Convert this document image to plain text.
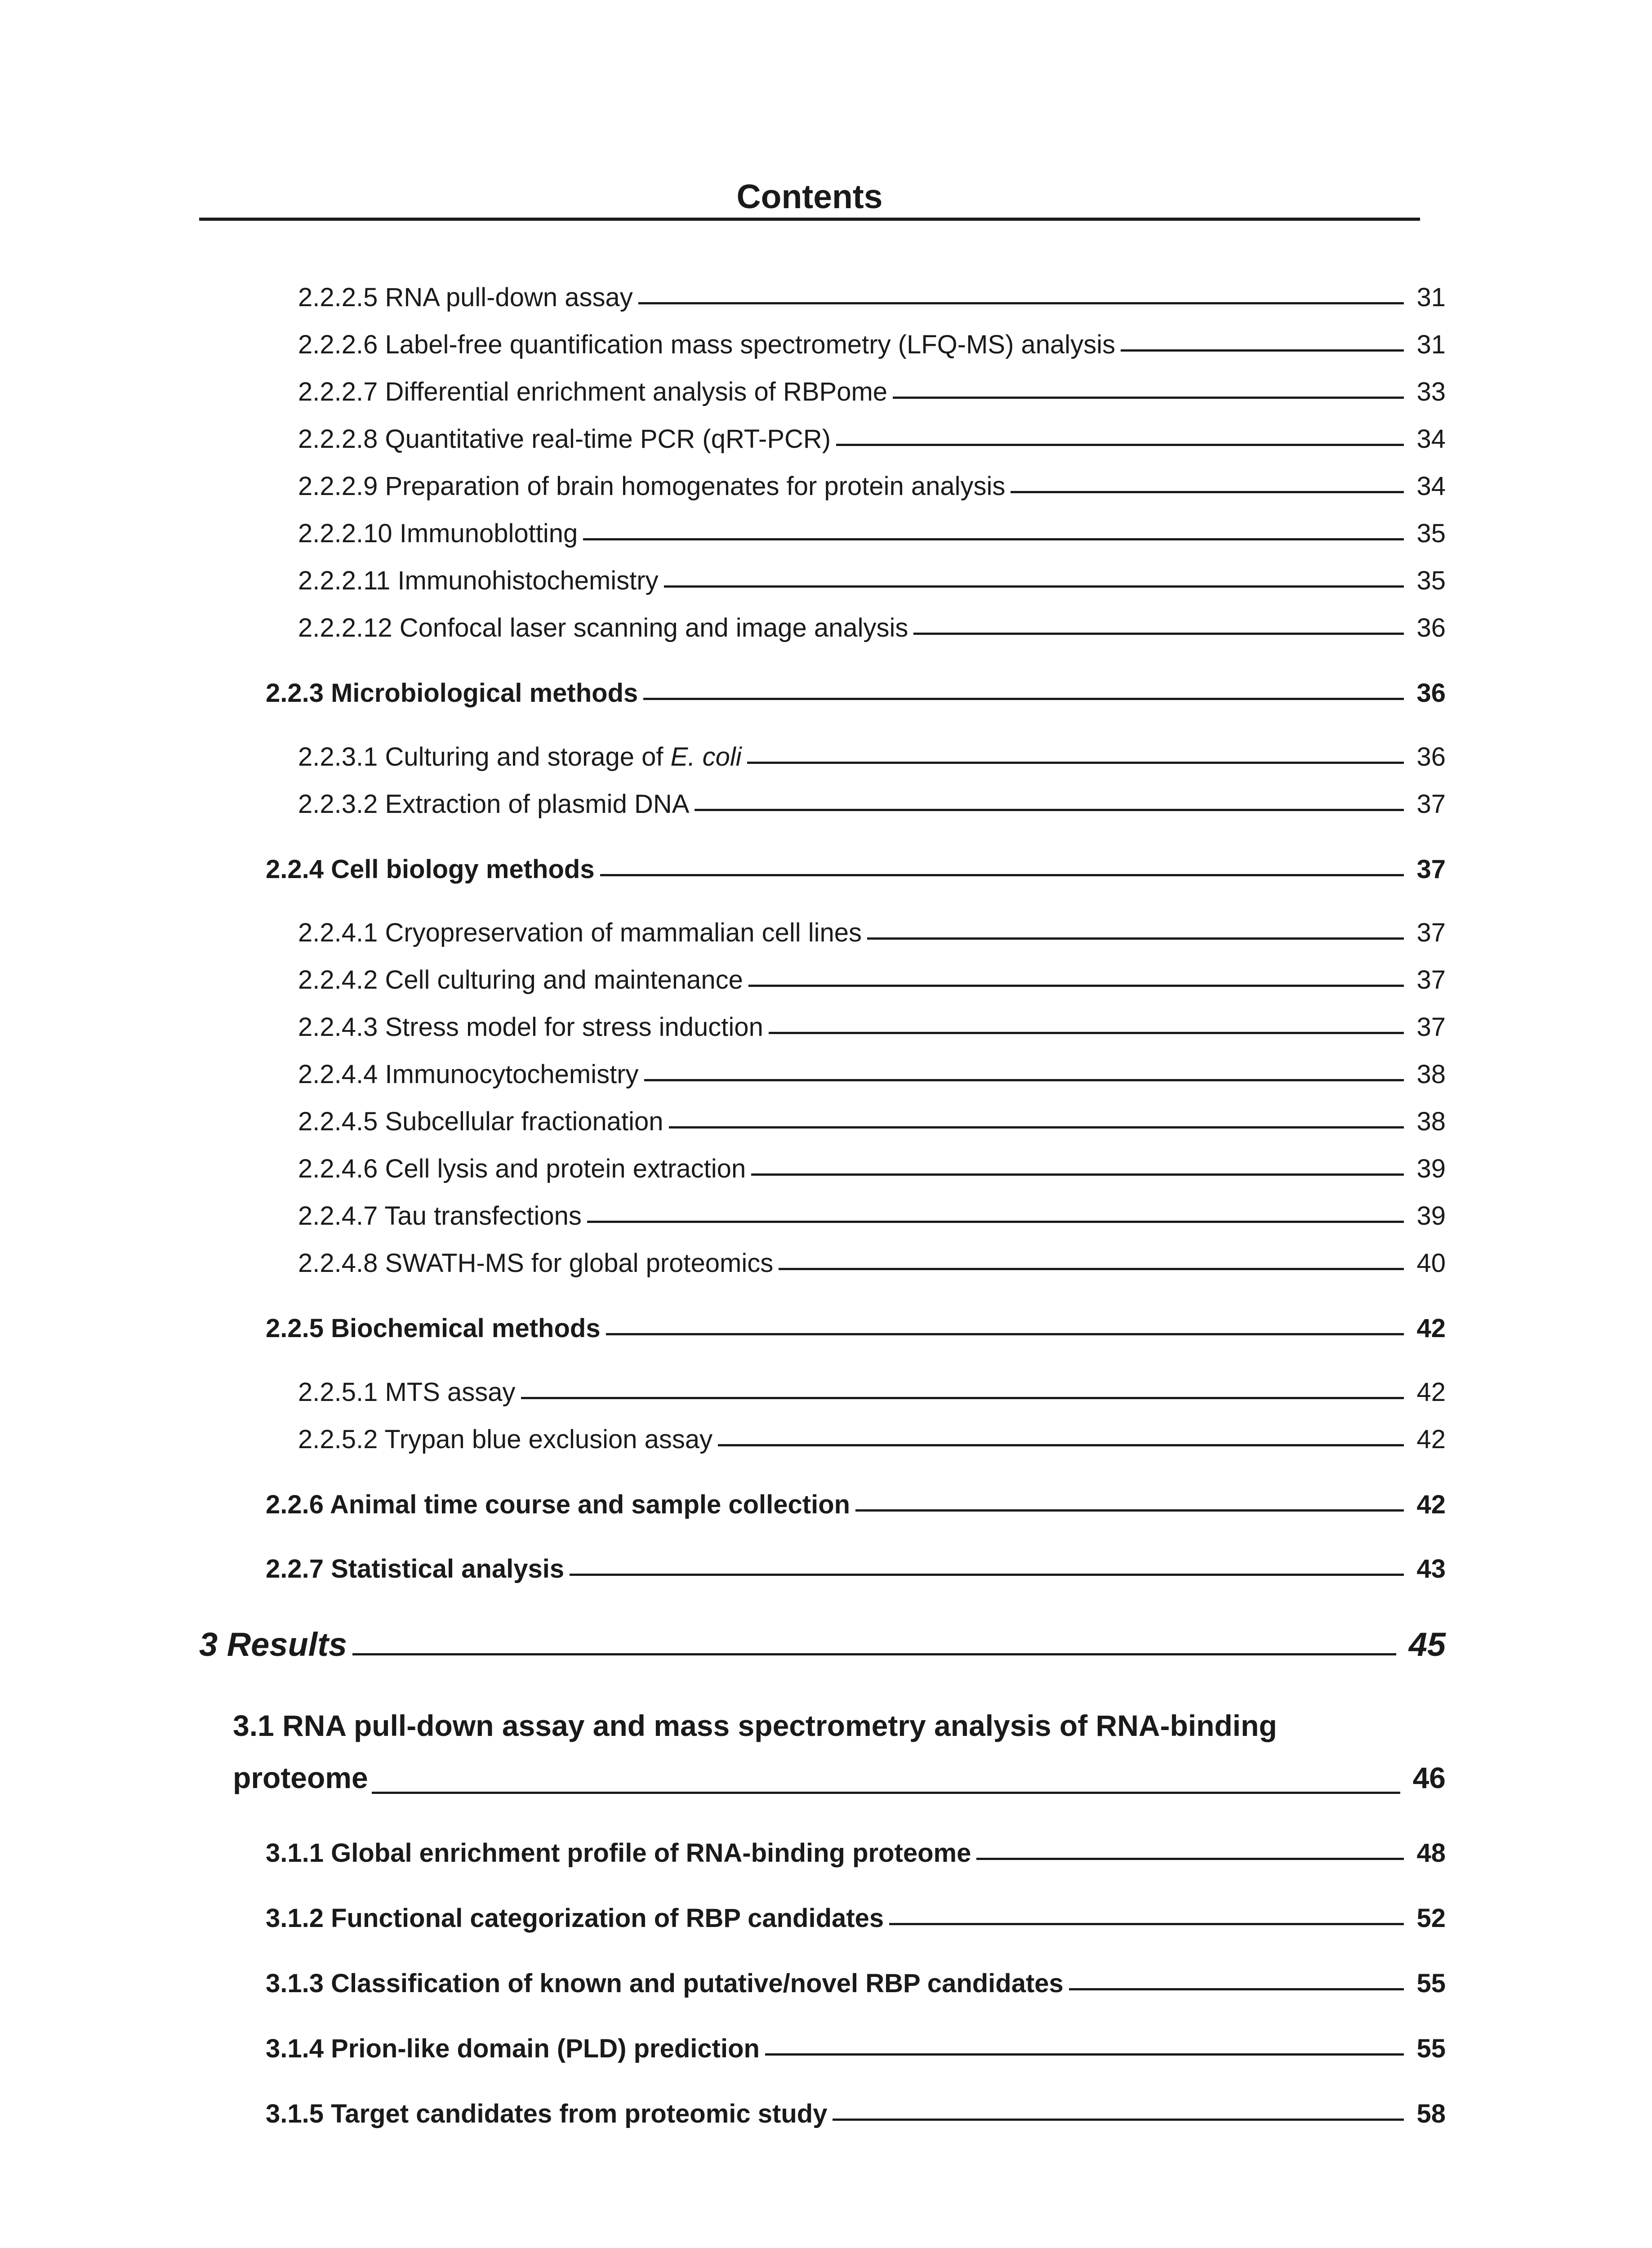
Contents
2.2.2.5 RNA pull-down assay	31
2.2.2.6 Label-free quantification mass spectrometry (LFQ-MS) analysis	31
2.2.2.7 Differential enrichment analysis of RBPome	33
2.2.2.8 Quantitative real-time PCR (qRT-PCR)	34
2.2.2.9 Preparation of brain homogenates for protein analysis	34
2.2.2.10 Immunoblotting	35
2.2.2.11 Immunohistochemistry	35
2.2.2.12 Confocal laser scanning and image analysis	36
2.2.3 Microbiological methods	36
2.2.3.1 Culturing and storage of E. coli	36
2.2.3.2 Extraction of plasmid DNA	37
2.2.4 Cell biology methods	37
2.2.4.1 Cryopreservation of mammalian cell lines	37
2.2.4.2 Cell culturing and maintenance	37
2.2.4.3 Stress model for stress induction	37
2.2.4.4 Immunocytochemistry	38
2.2.4.5 Subcellular fractionation	38
2.2.4.6 Cell lysis and protein extraction	39
2.2.4.7 Tau transfections	39
2.2.4.8 SWATH-MS for global proteomics	40
2.2.5 Biochemical methods	42
2.2.5.1 MTS assay	42
2.2.5.2 Trypan blue exclusion assay	42
2.2.6 Animal time course and sample collection	42
2.2.7 Statistical analysis	43
3 Results	45
3.1 RNA pull-down assay and mass spectrometry analysis of RNA-binding
proteome	46
3.1.1 Global enrichment profile of RNA-binding proteome	48
3.1.2 Functional categorization of RBP candidates	52
3.1.3 Classification of known and putative/novel RBP candidates	55
3.1.4 Prion-like domain (PLD) prediction	55
3.1.5 Target candidates from proteomic study	58
